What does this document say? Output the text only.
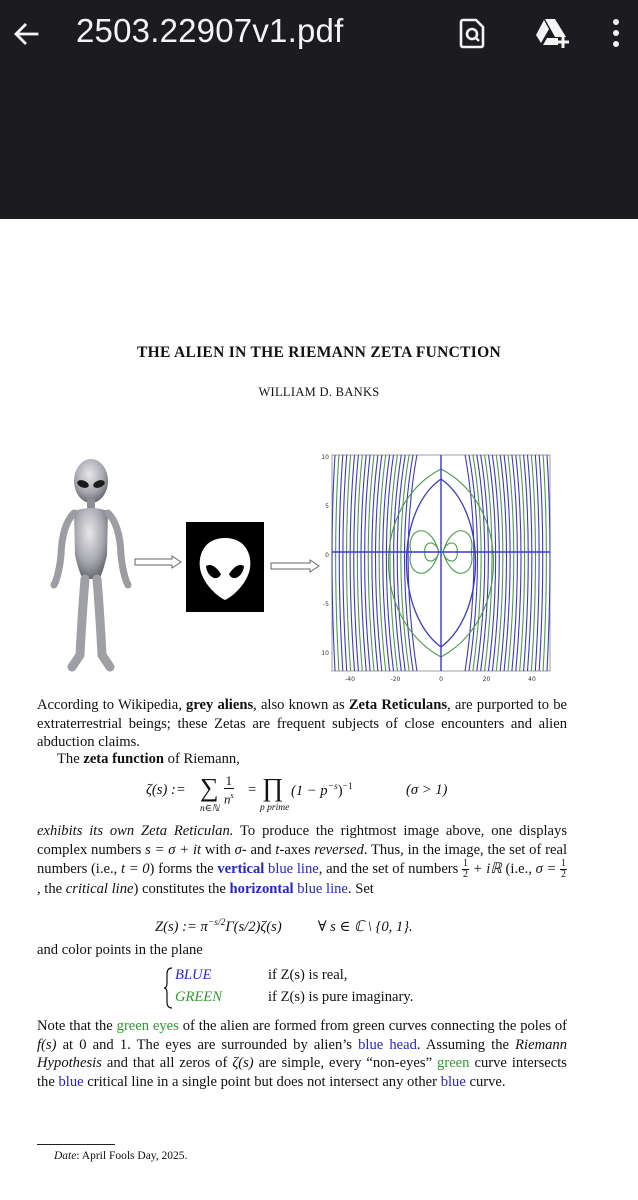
2503.22907v1.pdf
THE ALIEN IN THE RIEMANN ZETA FUNCTION
WILLIAM D. BANKS
-40	-20	0	20	40
10
5
0
-5
10
According to Wikipedia, grey aliens, also known as Zeta Reticulans, are purported to be extraterrestrial beings; these Zetas are frequent subjects of close encounters and alien abduction claims.
The zeta function of Riemann,
ζ(s) := ∑
n∈ℕ
$\frac{1}{n^s}$ = ∏
p prime
$(1 - p^{-s})^{-1}$	(σ > 1)
exhibits its own Zeta Reticulan. To produce the rightmost image above, one displays complex numbers s = σ + it with σ- and t-axes reversed. Thus, in the image, the set of real numbers (i.e., t = 0) forms the vertical blue line, and the set of numbers $\frac{1}{2}$ + iℝ (i.e., $\sigma = \frac{1}{2}$
, the critical line) constitutes the horizontal blue line. Set
Z(s) := $\pi^{-s/2}\Gamma(s/2)\zeta(s)$ ∀ s ∈ ℂ \ {0, 1}.
and color points in the plane
BLUE	if Z(s) is real,
GREEN	if Z(s) is pure imaginary.
Note that the green eyes of the alien are formed from green curves connecting the poles of f(s) at 0 and 1. The eyes are surrounded by alien’s blue head. Assuming the Riemann Hypothesis and that all zeros of ζ(s) are simple, every “non-eyes” green curve intersects the blue critical line in a single point but does not intersect any other blue curve.
Date: April Fools Day, 2025.
